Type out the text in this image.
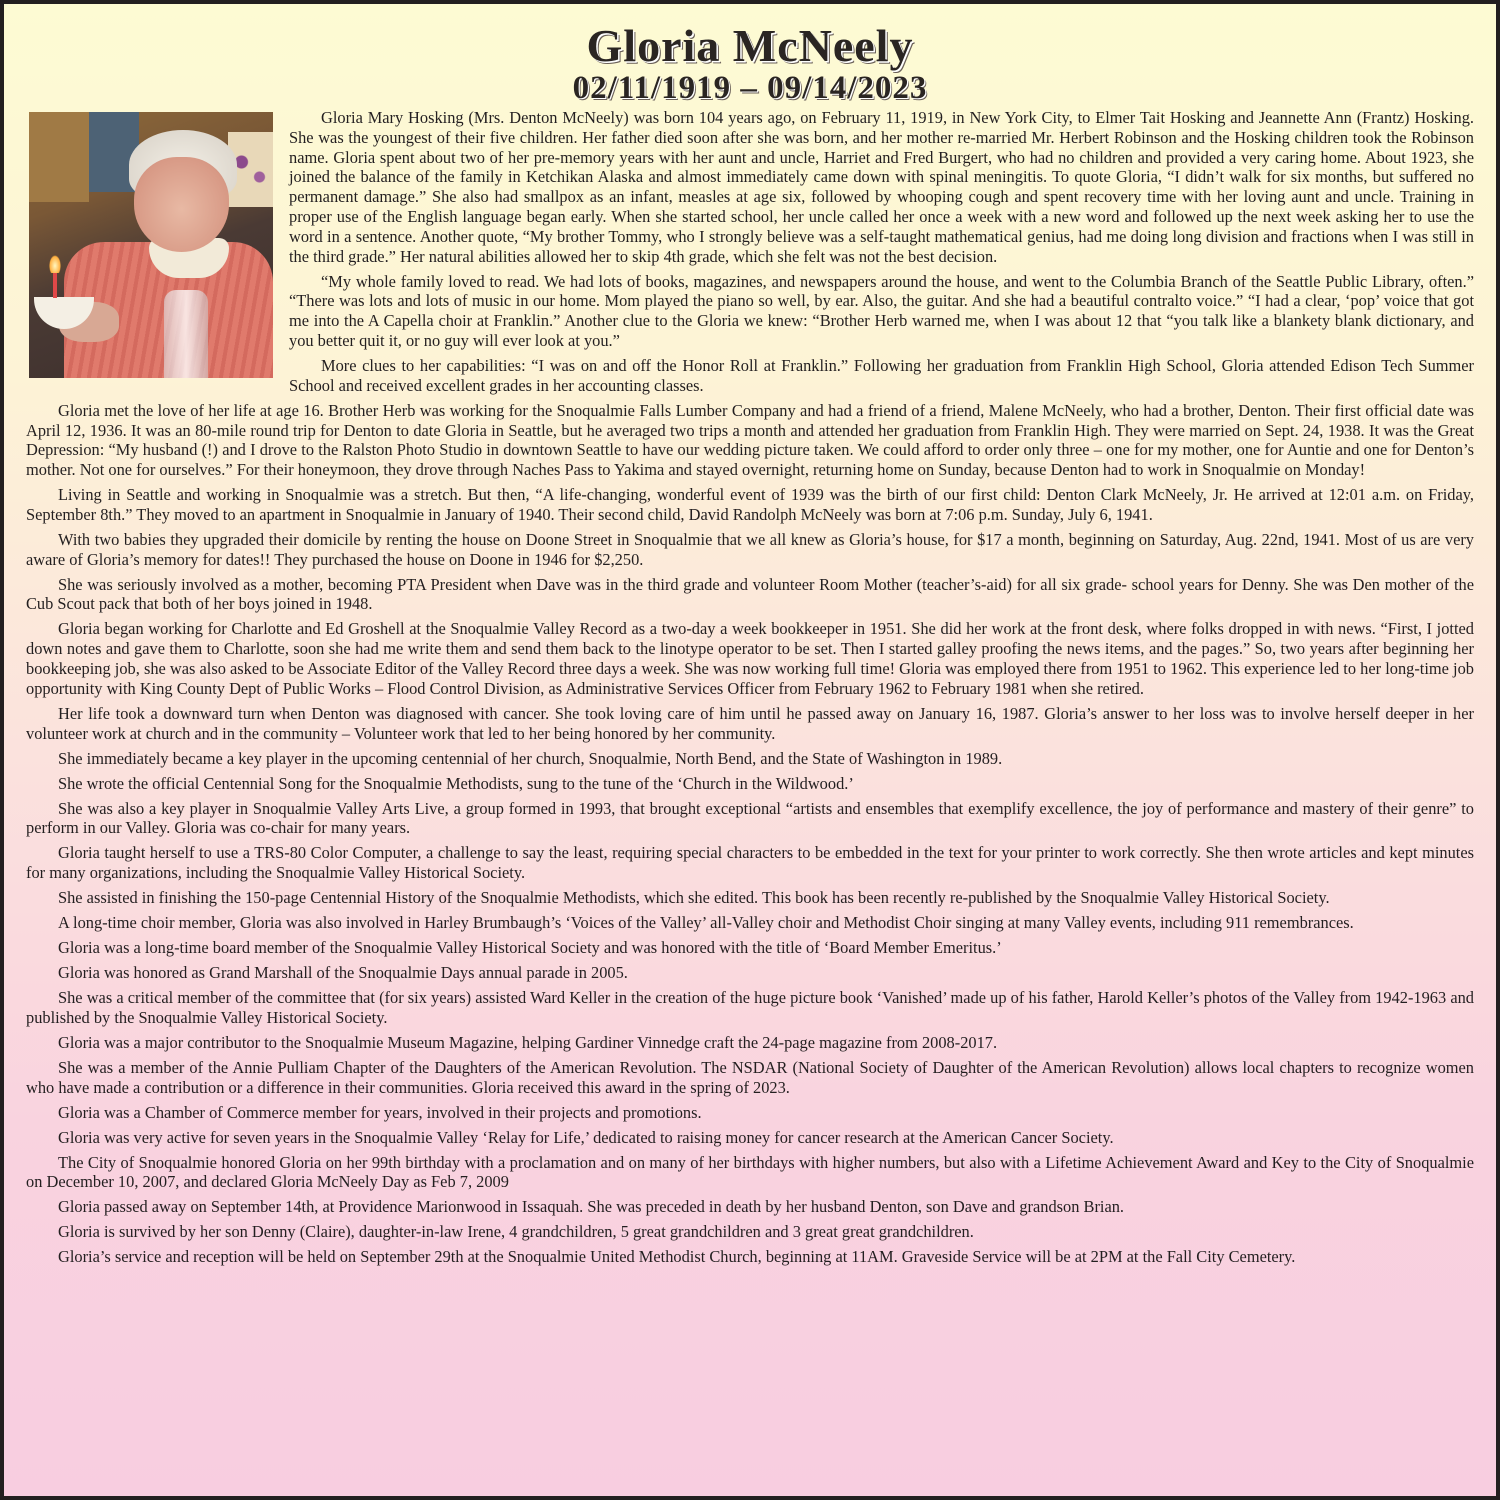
Gloria McNeely
02/11/1919 – 09/14/2023

Gloria Mary Hosking (Mrs. Denton McNeely) was born 104 years ago, on February 11, 1919, in New York City, to Elmer Tait Hosking and Jeannette Ann (Frantz) Hosking. She was the youngest of their five children. Her father died soon after she was born, and her mother re-married Mr. Herbert Robinson and the Hosking children took the Robinson name. Gloria spent about two of her pre-memory years with her aunt and uncle, Harriet and Fred Burgert, who had no children and provided a very caring home. About 1923, she joined the balance of the family in Ketchikan Alaska and almost immediately came down with spinal meningitis. To quote Gloria, “I didn’t walk for six months, but suffered no permanent damage.” She also had smallpox as an infant, measles at age six, followed by whooping cough and spent recovery time with her loving aunt and uncle. Training in proper use of the English language began early. When she started school, her uncle called her once a week with a new word and followed up the next week asking her to use the word in a sentence. Another quote, “My brother Tommy, who I strongly believe was a self-taught mathematical genius, had me doing long division and fractions when I was still in the third grade.” Her natural abilities allowed her to skip 4th grade, which she felt was not the best decision.

“My whole family loved to read. We had lots of books, magazines, and newspapers around the house, and went to the Columbia Branch of the Seattle Public Library, often.” “There was lots and lots of music in our home. Mom played the piano so well, by ear. Also, the guitar. And she had a beautiful contralto voice.” “I had a clear, ‘pop’ voice that got me into the A Capella choir at Franklin.” Another clue to the Gloria we knew: “Brother Herb warned me, when I was about 12 that “you talk like a blankety blank dictionary, and you better quit it, or no guy will ever look at you.”

More clues to her capabilities: “I was on and off the Honor Roll at Franklin.” Following her graduation from Franklin High School, Gloria attended Edison Tech Summer School and received excellent grades in her accounting classes.

Gloria met the love of her life at age 16. Brother Herb was working for the Snoqualmie Falls Lumber Company and had a friend of a friend, Malene McNeely, who had a brother, Denton. Their first official date was April 12, 1936. It was an 80-mile round trip for Denton to date Gloria in Seattle, but he averaged two trips a month and attended her graduation from Franklin High. They were married on Sept. 24, 1938. It was the Great Depression: “My husband (!) and I drove to the Ralston Photo Studio in downtown Seattle to have our wedding picture taken. We could afford to order only three – one for my mother, one for Auntie and one for Denton’s mother. Not one for ourselves.” For their honeymoon, they drove through Naches Pass to Yakima and stayed overnight, returning home on Sunday, because Denton had to work in Snoqualmie on Monday!

Living in Seattle and working in Snoqualmie was a stretch. But then, “A life-changing, wonderful event of 1939 was the birth of our first child: Denton Clark McNeely, Jr. He arrived at 12:01 a.m. on Friday, September 8th.” They moved to an apartment in Snoqualmie in January of 1940. Their second child, David Randolph McNeely was born at 7:06 p.m. Sunday, July 6, 1941.

With two babies they upgraded their domicile by renting the house on Doone Street in Snoqualmie that we all knew as Gloria’s house, for $17 a month, beginning on Saturday, Aug. 22nd, 1941. Most of us are very aware of Gloria’s memory for dates!! They purchased the house on Doone in 1946 for $2,250.

She was seriously involved as a mother, becoming PTA President when Dave was in the third grade and volunteer Room Mother (teacher’s-aid) for all six grade- school years for Denny. She was Den mother of the Cub Scout pack that both of her boys joined in 1948.

Gloria began working for Charlotte and Ed Groshell at the Snoqualmie Valley Record as a two-day a week bookkeeper in 1951. She did her work at the front desk, where folks dropped in with news. “First, I jotted down notes and gave them to Charlotte, soon she had me write them and send them back to the linotype operator to be set. Then I started galley proofing the news items, and the pages.” So, two years after beginning her bookkeeping job, she was also asked to be Associate Editor of the Valley Record three days a week. She was now working full time! Gloria was employed there from 1951 to 1962. This experience led to her long-time job opportunity with King County Dept of Public Works – Flood Control Division, as Administrative Services Officer from February 1962 to February 1981 when she retired.

Her life took a downward turn when Denton was diagnosed with cancer. She took loving care of him until he passed away on January 16, 1987. Gloria’s answer to her loss was to involve herself deeper in her volunteer work at church and in the community – Volunteer work that led to her being honored by her community.

She immediately became a key player in the upcoming centennial of her church, Snoqualmie, North Bend, and the State of Washington in 1989.

She wrote the official Centennial Song for the Snoqualmie Methodists, sung to the tune of the ‘Church in the Wildwood.’

She was also a key player in Snoqualmie Valley Arts Live, a group formed in 1993, that brought exceptional “artists and ensembles that exemplify excellence, the joy of performance and mastery of their genre” to perform in our Valley. Gloria was co-chair for many years.

Gloria taught herself to use a TRS-80 Color Computer, a challenge to say the least, requiring special characters to be embedded in the text for your printer to work correctly. She then wrote articles and kept minutes for many organizations, including the Snoqualmie Valley Historical Society.

She assisted in finishing the 150-page Centennial History of the Snoqualmie Methodists, which she edited. This book has been recently re-published by the Snoqualmie Valley Historical Society.

A long-time choir member, Gloria was also involved in Harley Brumbaugh’s ‘Voices of the Valley’ all-Valley choir and Methodist Choir singing at many Valley events, including 911 remembrances.

Gloria was a long-time board member of the Snoqualmie Valley Historical Society and was honored with the title of ‘Board Member Emeritus.’

Gloria was honored as Grand Marshall of the Snoqualmie Days annual parade in 2005.

She was a critical member of the committee that (for six years) assisted Ward Keller in the creation of the huge picture book ‘Vanished’ made up of his father, Harold Keller’s photos of the Valley from 1942-1963 and published by the Snoqualmie Valley Historical Society.

Gloria was a major contributor to the Snoqualmie Museum Magazine, helping Gardiner Vinnedge craft the 24-page magazine from 2008-2017.

She was a member of the Annie Pulliam Chapter of the Daughters of the American Revolution. The NSDAR (National Society of Daughter of the American Revolution) allows local chapters to recognize women who have made a contribution or a difference in their communities. Gloria received this award in the spring of 2023.

Gloria was a Chamber of Commerce member for years, involved in their projects and promotions.

Gloria was very active for seven years in the Snoqualmie Valley ‘Relay for Life,’ dedicated to raising money for cancer research at the American Cancer Society.

The City of Snoqualmie honored Gloria on her 99th birthday with a proclamation and on many of her birthdays with higher numbers, but also with a Lifetime Achievement Award and Key to the City of Snoqualmie on December 10, 2007, and declared Gloria McNeely Day as Feb 7, 2009

Gloria passed away on September 14th, at Providence Marionwood in Issaquah. She was preceded in death by her husband Denton, son Dave and grandson Brian.

Gloria is survived by her son Denny (Claire), daughter-in-law Irene, 4 grandchildren, 5 great grandchildren and 3 great great grandchildren.

Gloria’s service and reception will be held on September 29th at the Snoqualmie United Methodist Church, beginning at 11AM. Graveside Service will be at 2PM at the Fall City Cemetery.
